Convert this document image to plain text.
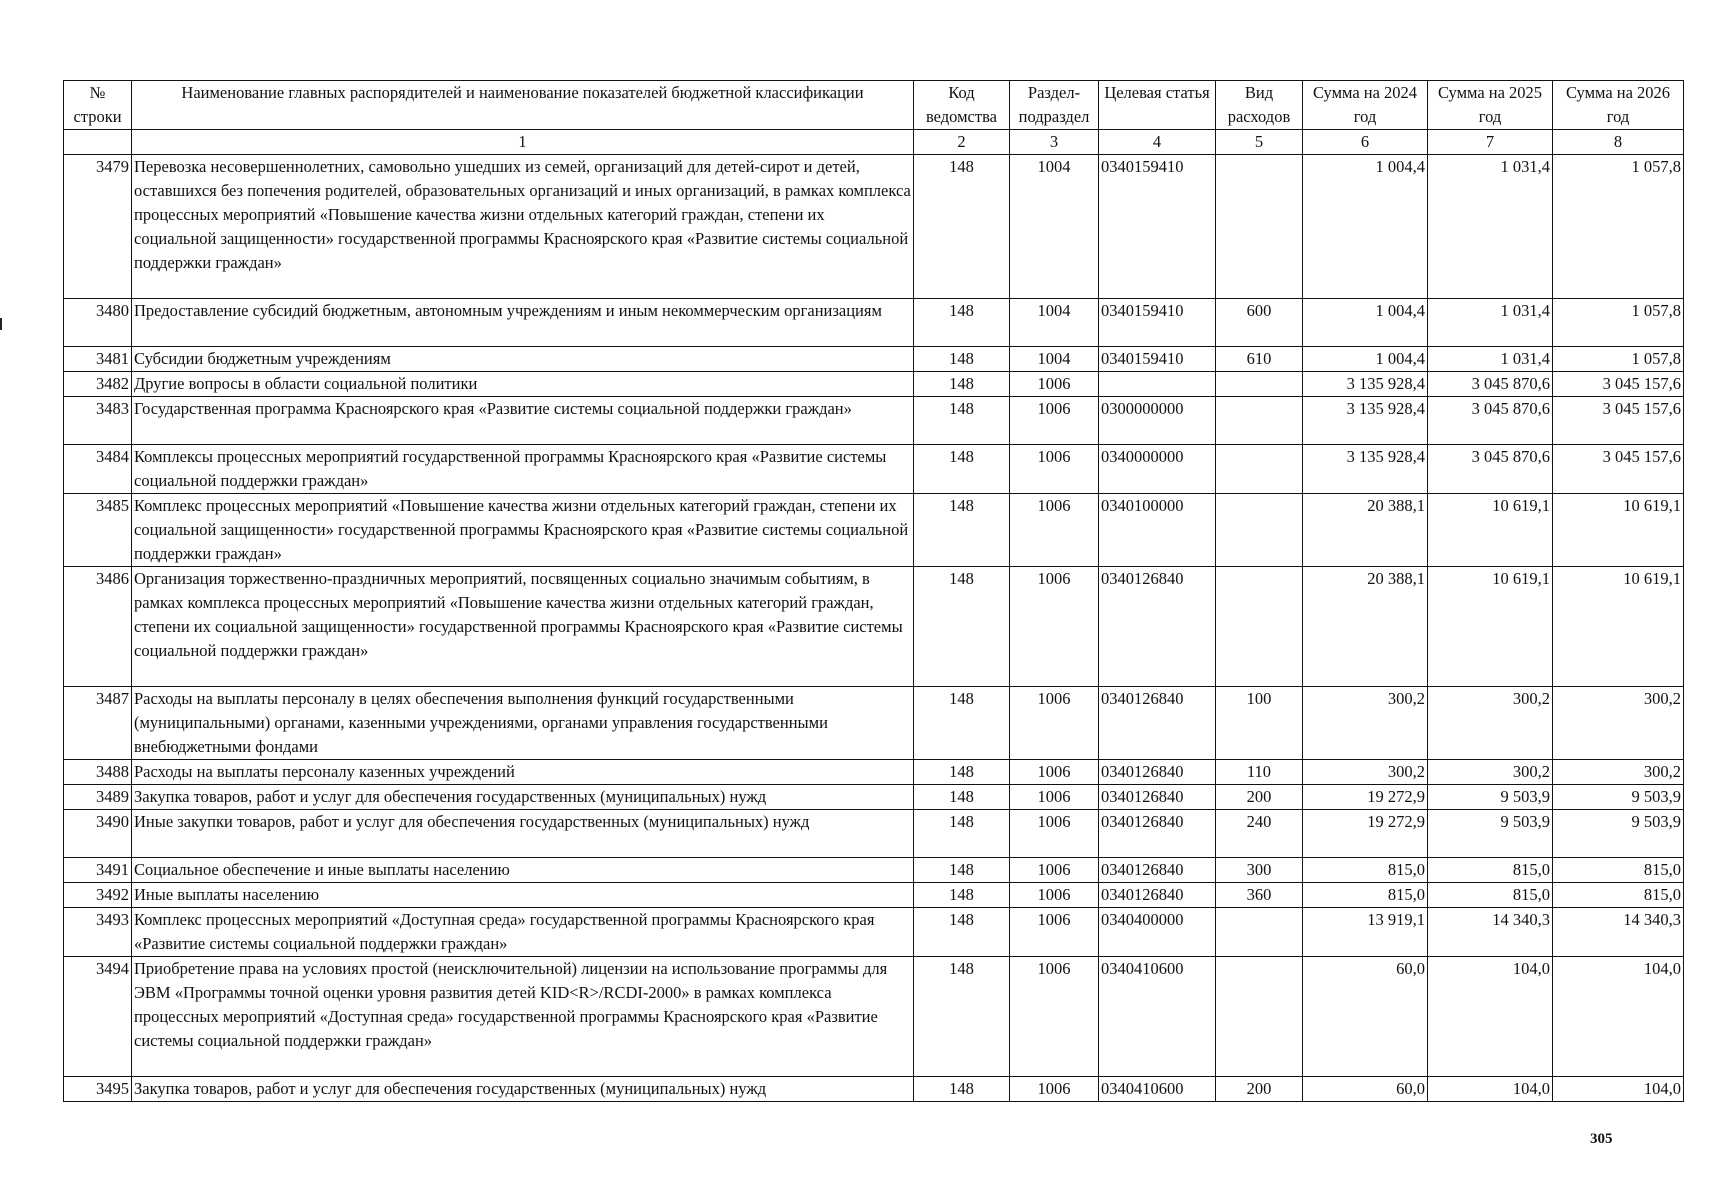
№ строки	Наименование главных распорядителей и наименование показателей бюджетной классификации	Код ведомства	Раздел-подраздел	Целевая статья	Вид расходов	Сумма на 2024 год	Сумма на 2025 год	Сумма на 2026 год
	1	2	3	4	5	6	7	8
3479	Перевозка несовершеннолетних, самовольно ушедших из семей, организаций для детей-сирот и детей, оставшихся без попечения родителей, образовательных организаций и иных организаций, в рамках комплекса процессных мероприятий «Повышение качества жизни отдельных категорий граждан, степени их социальной защищенности» государственной программы Красноярского края «Развитие системы социальной поддержки граждан»	148	1004	0340159410		1 004,4	1 031,4	1 057,8
3480	Предоставление субсидий бюджетным, автономным учреждениям и иным некоммерческим организациям	148	1004	0340159410	600	1 004,4	1 031,4	1 057,8
3481	Субсидии бюджетным учреждениям	148	1004	0340159410	610	1 004,4	1 031,4	1 057,8
3482	Другие вопросы в области социальной политики	148	1006			3 135 928,4	3 045 870,6	3 045 157,6
3483	Государственная программа Красноярского края «Развитие системы социальной поддержки граждан»	148	1006	0300000000		3 135 928,4	3 045 870,6	3 045 157,6
3484	Комплексы процессных мероприятий государственной программы Красноярского края «Развитие системы социальной поддержки граждан»	148	1006	0340000000		3 135 928,4	3 045 870,6	3 045 157,6
3485	Комплекс процессных мероприятий «Повышение качества жизни отдельных категорий граждан, степени их социальной защищенности» государственной программы Красноярского края «Развитие системы социальной поддержки граждан»	148	1006	0340100000		20 388,1	10 619,1	10 619,1
3486	Организация торжественно-праздничных мероприятий, посвященных социально значимым событиям, в рамках комплекса процессных мероприятий «Повышение качества жизни отдельных категорий граждан, степени их социальной защищенности» государственной программы Красноярского края «Развитие системы социальной поддержки граждан»	148	1006	0340126840		20 388,1	10 619,1	10 619,1
3487	Расходы на выплаты персоналу в целях обеспечения выполнения функций государственными (муниципальными) органами, казенными учреждениями, органами управления государственными внебюджетными фондами	148	1006	0340126840	100	300,2	300,2	300,2
3488	Расходы на выплаты персоналу казенных учреждений	148	1006	0340126840	110	300,2	300,2	300,2
3489	Закупка товаров, работ и услуг для обеспечения государственных (муниципальных) нужд	148	1006	0340126840	200	19 272,9	9 503,9	9 503,9
3490	Иные закупки товаров, работ и услуг для обеспечения государственных (муниципальных) нужд	148	1006	0340126840	240	19 272,9	9 503,9	9 503,9
3491	Социальное обеспечение и иные выплаты населению	148	1006	0340126840	300	815,0	815,0	815,0
3492	Иные выплаты населению	148	1006	0340126840	360	815,0	815,0	815,0
3493	Комплекс процессных мероприятий «Доступная среда» государственной программы Красноярского края «Развитие системы социальной поддержки граждан»	148	1006	0340400000		13 919,1	14 340,3	14 340,3
3494	Приобретение права на условиях простой (неисключительной) лицензии на использование программы для ЭВМ «Программы точной оценки уровня развития детей KID<R>/RCDI-2000» в рамках комплекса процессных мероприятий «Доступная среда» государственной программы Красноярского края «Развитие системы социальной поддержки граждан»	148	1006	0340410600		60,0	104,0	104,0
3495	Закупка товаров, работ и услуг для обеспечения государственных (муниципальных) нужд	148	1006	0340410600	200	60,0	104,0	104,0
305
